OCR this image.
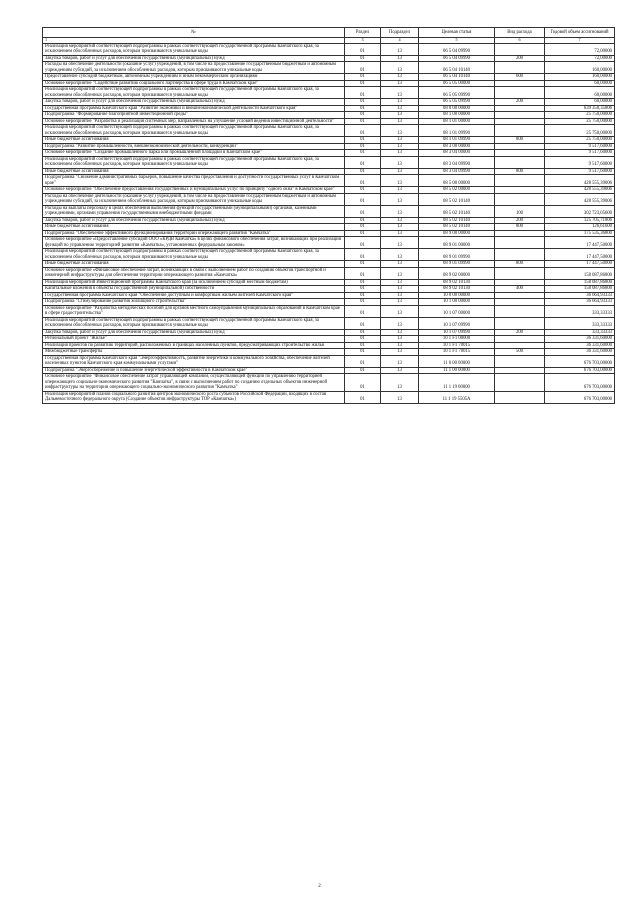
№	Раздел	Подраздел	Целевая статья	Вид расхода	Годовой объем ассигнований
1	3	4	5	6	7
Реализация мероприятий соответствующей подпрограммы в рамках соответствующей государственной программы Камчатского края, за исключением обособленных расходов, которым присваиваются уникальные коды	01	13	06 5 04 09990		72,00000
Закупка товаров, работ и услуг для обеспечения государственных (муниципальных) нужд	01	13	06 5 04 09990	200	72,00000
Расходы на обеспечение деятельности (оказание услуг) учреждений, в том числе на предоставление государственным бюджетным и автономным учреждениям субсидий, за исключением обособленных расходов, которым присваиваются уникальные коды	01	13	06 5 04 10140		160,00000
Предоставление субсидий бюджетным, автономным учреждениям и иным некоммерческим организациям	01	13	06 5 04 10140	600	160,00000
Основное мероприятие "Содействие развитию социального партнерства в сфере труда в Камчатском крае"	01	13	06 5 05 00000		60,00000
Реализация мероприятий соответствующей подпрограммы в рамках соответствующей государственной программы Камчатского края, за исключением обособленных расходов, которым присваиваются уникальные коды	01	13	06 5 05 09990		60,00000
Закупка товаров, работ и услуг для обеспечения государственных (муниципальных) нужд	01	13	06 5 05 09990	200	60,00000
Государственная программа Камчатского края "Развитие экономики и внешнеэкономической деятельности Камчатского края"	01	13	08 0 00 00000		639 358,35806
Подпрограмма "Формирование благоприятной инвестиционной среды"	01	13	08 1 00 00000		25 750,00000
Основное мероприятие "Разработка и реализация системных мер, направленных на улучшение условий ведения инвестиционной деятельности"	01	13	08 1 01 00000		25 750,00000
Реализация мероприятий соответствующей подпрограммы в рамках соответствующей государственной программы Камчатского края, за исключением обособленных расходов, которым присваиваются уникальные коды	01	13	08 1 01 09990		25 750,00000
Иные бюджетные ассигнования	01	13	08 1 01 09990	800	25 750,00000
Подпрограмма "Развитие промышленности, внешнеэкономической деятельности, конкуренции"	01	13	08 3 00 00000		9 517,60000
Основное мероприятие "Создание промышленного парка или промышленной площадки в Камчатском крае"	01	13	08 3 04 00000		9 517,60000
Реализация мероприятий соответствующей подпрограммы в рамках соответствующей государственной программы Камчатского края, за исключением обособленных расходов, которым присваиваются уникальные коды	01	13	08 3 04 09990		9 517,60000
Иные бюджетные ассигнования	01	13	08 3 04 09990	800	9 517,60000
Подпрограмма "Снижение административных барьеров, повышение качества предоставления и доступности государственных услуг в Камчатском крае"	01	13	08 5 00 00000		428 555,39006
Основное мероприятие "Обеспечение предоставления государственных и муниципальных услуг по принципу "одного окна" в Камчатском крае"	01	13	08 5 02 00000		428 555,39006
Расходы на обеспечение деятельности (оказание услуг) учреждений, в том числе на предоставление государственным бюджетным и автономным учреждениям субсидий, за исключением обособленных расходов, которым присваиваются уникальные коды	01	13	08 5 02 10140		428 555,39006
Расходы на выплаты персоналу в целях обеспечения выполнения функций государственными (муниципальными) органами, казенными учреждениями, органами управления государственными внебюджетными фондами	01	13	08 5 02 10140	100	302 723,05600
Закупка товаров, работ и услуг для обеспечения государственных (муниципальных) нужд	01	13	08 5 02 10140	200	125 705,71806
Иные бюджетные ассигнования	01	13	08 5 02 10140	800	126,61600
Подпрограмма "Обеспечение эффективного функционирования территории опережающего развития "Камчатка"	01	13	08 9 00 00000		175 535,36800
Основное мероприятие «Предоставление субсидий ООО «КРДВ Камчатка» в целях финансового обеспечения затрат, возникающих при реализации функций по управлению территорией развития «Камчатка», установленных федеральным законом»	01	13	08 9 01 00000		17 447,50000
Реализация мероприятий соответствующей подпрограммы в рамках соответствующей государственной программы Камчатского края, за исключением обособленных расходов, которым присваиваются уникальные коды	01	13	08 9 01 09990		17 447,50000
Иные бюджетные ассигнования	01	13	08 9 01 09990	800	17 447,50000
Основное мероприятие «Финансовое обеспечение затрат, возникающих в связи с выполнением работ по созданию объектов транспортной и инженерной инфраструктуры для обеспечения территории опережающего развития «Камчатка»	01	13	08 9 02 00000		158 087,86800
Реализация мероприятий Инвестиционной программы Камчатского края (за исключением субсидий местным бюджетам)	01	13	08 9 02 10130		158 087,86800
Капитальные вложения в объекты государственной (муниципальной) собственности	01	13	08 9 02 10130	400	158 087,86800
Государственная программа Камчатского края "Обеспечение доступным и комфортным жильем жителей Камчатского края"	01	13	10 0 00 00000		36 664,93333
Подпрограмма "Стимулирование развития жилищного строительства"	01	13	10 1 00 00000		36 664,93333
Основное мероприятие "Разработка методических пособий для органов местного самоуправления муниципальных образований в Камчатском крае в сфере градостроительства"	01	13	10 1 07 00000		333,33333
Реализация мероприятий соответствующей подпрограммы в рамках соответствующей государственной программы Камчатского края, за исключением обособленных расходов, которым присваиваются уникальные коды	01	13	10 1 07 09990		333,33333
Закупка товаров, работ и услуг для обеспечения государственных (муниципальных) нужд	01	13	10 1 07 09990	200	333,33333
Региональный проект "Жилье"	01	13	10 1 F1 00000		36 331,60000
Реализация проектов по развитию территорий, расположенных в границах населенных пунктов, предусматривающих строительство жилья	01	13	10 1 F1 70015		36 331,60000
Межбюджетные трансферты	01	13	10 1 F1 70015	500	36 331,60000
Государственная программа Камчатского края "Энергоэффективность, развитие энергетики и коммунального хозяйства, обеспечение жителей населенных пунктов Камчатского края коммунальными услугами"	01	13	11 0 00 00000		676 703,00000
Подпрограмма "Энергосбережение и повышение энергетической эффективности в Камчатском крае"	01	13	11 1 00 00000		676 703,00000
Основное мероприятие "Финансовое обеспечение затрат управляющей компании, осуществляющей функции по управлению территорией опережающего социально-экономического развития "Камчатка", в связи с выполнением работ по созданию отдельных объектов инженерной инфраструктуры на территории опережающего социально-экономического развития "Камчатка"	01	13	11 1 19 00000		676 703,00000
Реализация мероприятий планов социального развития центров экономического роста субъектов Российской Федерации, входящих в состав Дальневосточного федерального округа (Создание объектов инфраструктуры ТОР «Камчатка»)	01	13	11 1 19 5505А		676 703,00000
2
